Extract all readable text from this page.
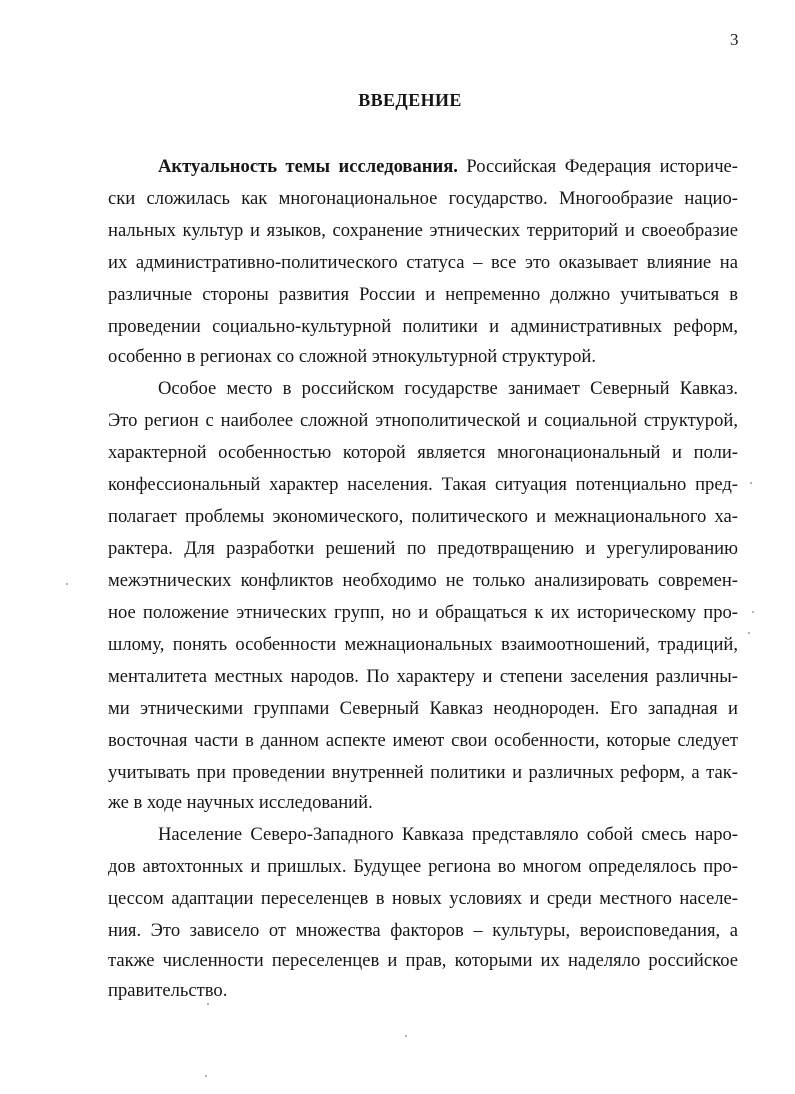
3
ВВЕДЕНИЕ
Актуальность темы исследования. Российская Федерация историче-
ски сложилась как многонациональное государство. Многообразие нацио-
нальных культур и языков, сохранение этнических территорий и своеобразие
их административно-политического статуса – все это оказывает влияние на
различные стороны развития России и непременно должно учитываться в
проведении социально-культурной политики и административных реформ,
особенно в регионах со сложной этнокультурной структурой.
Особое место в российском государстве занимает Северный Кавказ.
Это регион с наиболее сложной этнополитической и социальной структурой,
характерной особенностью которой является многонациональный и поли-
конфессиональный характер населения. Такая ситуация потенциально пред-
полагает проблемы экономического, политического и межнационального ха-
рактера. Для разработки решений по предотвращению и урегулированию
межэтнических конфликтов необходимо не только анализировать современ-
ное положение этнических групп, но и обращаться к их историческому про-
шлому, понять особенности межнациональных взаимоотношений, традиций,
менталитета местных народов. По характеру и степени заселения различны-
ми этническими группами Северный Кавказ неоднороден. Его западная и
восточная части в данном аспекте имеют свои особенности, которые следует
учитывать при проведении внутренней политики и различных реформ, а так-
же в ходе научных исследований.
Население Северо-Западного Кавказа представляло собой смесь наро-
дов автохтонных и пришлых. Будущее региона во многом определялось про-
цессом адаптации переселенцев в новых условиях и среди местного населе-
ния. Это зависело от множества факторов – культуры, вероисповедания, а
также численности переселенцев и прав, которыми их наделяло российское
правительство.
